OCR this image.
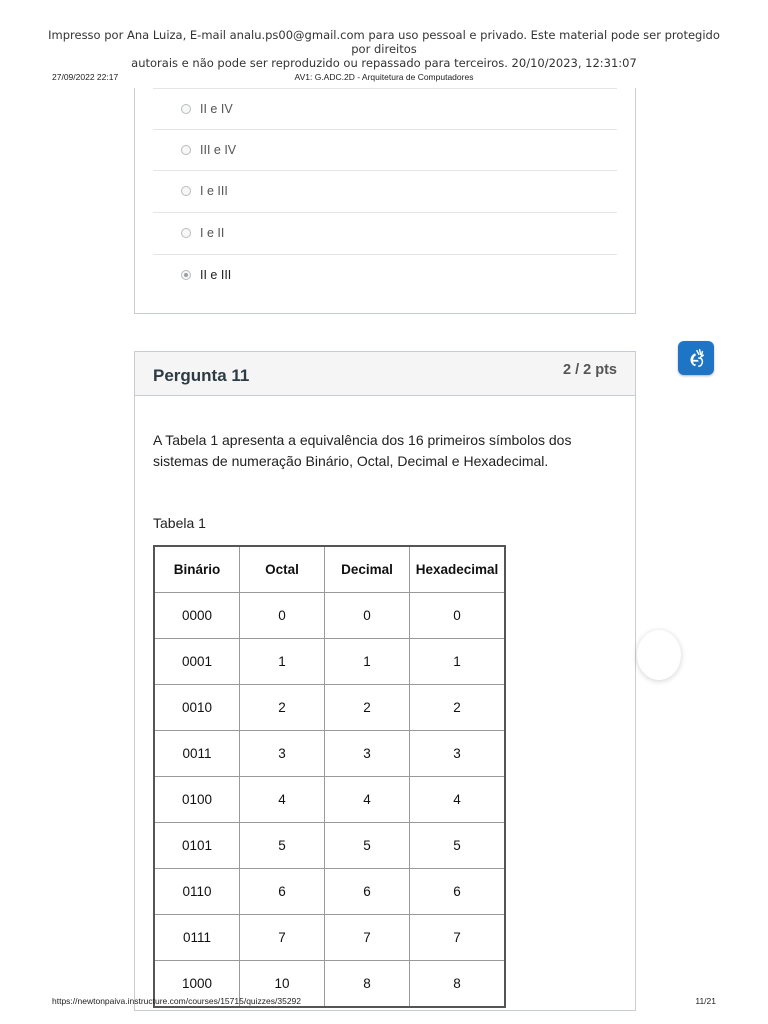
Impresso por Ana Luiza, E-mail analu.ps00@gmail.com para uso pessoal e privado. Este material pode ser protegido por direitos
autorais e não pode ser reproduzido ou repassado para terceiros. 20/10/2023, 12:31:07
27/09/2022 22:17	AV1: G.ADC.2D - Arquitetura de Computadores
II e IV
III e IV
I e III
I e II
II e III
Pergunta 11	2 / 2 pts
A Tabela 1 apresenta a equivalência dos 16 primeiros símbolos dos sistemas de numeração Binário, Octal, Decimal e Hexadecimal.
Tabela 1
Binário	Octal	Decimal	Hexadecimal
0000	0	0	0
0001	1	1	1
0010	2	2	2
0011	3	3	3
0100	4	4	4
0101	5	5	5
0110	6	6	6
0111	7	7	7
1000	10	8	8
https://newtonpaiva.instructure.com/courses/15715/quizzes/35292	11/21
